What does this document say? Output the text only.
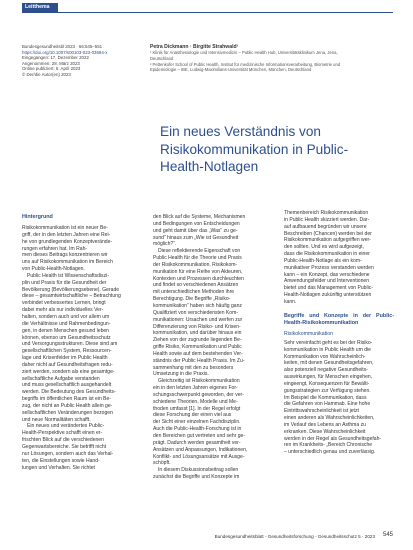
Leitthema
Bundesgesundheitsbl 2023 · 66:545–551
https://doi.org/10.1007/s00103-023-03694-x
Eingegangen: 17. Dezember 2022
Angenommen: 28. März 2023
Online publiziert: 6. April 2023
© Der/die Autor(en) 2023
Petra Dickmann · Birgitte Strahwald¹
¹ Klinik für Anästhesiologie und Intensivmedizin – Public Health Hub, Universitätsklinikum Jena, Jena,
Deutschland
² Pettenkofer School of Public Health, Institut für medizinische Informationsverarbeitung, Biometrie und
Epidemiologie – IBE, Ludwig-Maximilians-Universität München, München, Deutschland
Ein neues Verständnis von Risikokommunikation in Public-Health-Notlagen
Hintergrund
Risikokommunikation ist ein neuer Be-
griff, der in den letzten Jahren eine Rei-
he von grundlegenden Konzeptverände-
rungen erfahren hat. Im Rah-
men dieses Beitrags konzentrieren wir
uns auf Risikokommunikation im Bereich
von Public-Health-Notlagen.
Public Health ist Wissenschaftsdiszi-
plin und Praxis für die Gesundheit der
Bevölkerung (Bevölkerungsebene). Gerade
diese – gesamtwirtschaftliche – Betrachtung
verbindet verbessertes Lernen, bringt
dabei mehr als nur individuelles Ver-
halten, sondern auch und vor allem um
die Verhältnisse und Rahmenbedingun-
gen, in denen Menschen gesund leben
können, ebenso um Gesundheitsschutz
und Versorgungsstrukturen. Diese sind am
gesellschaftlichen System, Ressourcen-
lage und Krisenfelder im Public Health
daher nicht auf Gesundheitsfragen redu-
ziert werden, sondern als eine gesamtge-
sellschaftliche Aufgabe verstanden
und muss gesellschaftlich ausgehandelt
werden. Die Bedeutung des Gesundheits-
begriffs im öffentlichen Raum ist ein Be-
zug, der nicht an Public Health allein ge-
sellschaftlichen Veränderungen bezogen
und neue Normalitäten schafft.
Ein neues und verändertes Public-
Health-Perspektive schafft einen er-
frischten Blick auf die verschiedenen
Gegenwartsbereiche. Sie betrifft nicht
nur Lösungen, sondern auch das Verhal-
ten, die Einstellungen sowie Hand-
lungen und Verhalten. Sie richtet
den Blick auf die Systeme, Mechanismen
und Bedingungen von Entscheidungen
und geht damit über das „Was“ zu ge-
sund“ hinaus zum „Wie ist Gesundheit
möglich?“.
Diese reflektierende Eigenschaft von
Public Health für die Theorie und Praxis
der Risikokommunikation. Risikokom-
munikation für eine Reihe von Akteuren,
Kontexten und Prozessen durchleuchten
und findet so verschiedenen Ansätzen
mit unterschiedlichen Methoden ihre
Berechtigung. Die Begriffe „Risiko-
kommunikation“ haben sich häufig ganz
Qualifiziert von verschiedensten Kom-
munikationen: Ursachen und werfen zur
Differenzierung von Risiko- und Krisen-
kommunikation, und darüber hinaus ein
Ziehen von der zugrunde liegenden Be-
griffe Risiko, Kommunikation und Public
Health sowie auf dem bestehenden Ver-
ständnis der Public Health Praxis. Im Zu-
sammenhang mit den zu besonders
Umsetzung in die Praxis.
Gleichzeitig ist Risikokommunikation
ein in den letzten Jahren eigenes For-
schungsschwerpunkt geworden, der ver-
schiedene Theorien, Modelle und Me-
thoden umfasst [1]. In der Regel erfolgt
diese Forschung der einen viel aus
der Sicht einer einzelnen Fachdisziplin.
Auch die Public-Health-Forschung ist in
den Bereichen gut vertreten und sehr ge-
prägt. Dadurch werden gesamtheit ver-
Ansätzen und Anpassungen, Indikationen,
Konflikt- und Lösungsansätze mit Ausge-
schöpft.
In diesem Diskussionsbeitrag sollen
zunächst die Begriffe und Konzepte im
Themenbereich Risikokommunikation
in Public Health skizziert werden. Dar-
auf aufbauend begründen wir unsere
Beschreiben (Chancen) werden bei der
Risikokommunikation aufgegriffen wer-
den sollten. Und es wird aufgezeigt,
dass die Risikokommunikation in einer
Public-Health-Notlage als ein kom-
munikativer Prozess verstanden werden
kann – ein Konzept, das verschiedene
Anwendungsfelder und Interventionen
bietet und das Management von Public-
Health-Notlagen zukünftig unterstützen
kann.
Begriffe und Konzepte in der Public-Health-Risikokommunikation
Risikokommunikation
Sehr vereinfacht geht es bei der Risiko-
kommunikation in Public Health um die
Kommunikation von Wahrscheinlich-
keiten, mit denen Gesundheitsgefahren,
also potenziell negative Gesundheits-
auswirkungen, für Menschen eingehen,
eingeengt, Konsequenzen für Bewälti-
gungsstrategien zur Verfügung stehen.
Im Beispiel die Kommunikation, dass
die Gefahren von Hammab. Eine hohe
Eintrittswahrscheinlichkeit ist jetzt
einen anderen als Wahrscheinlichkeiten,
im Verlauf des Lebens an Asthma zu
erkranken. Diese Wahrscheinlichkeit
werden in der Regel als Gesundheitsgefah-
ren im Krankheits- „Bereich Chronische
– unterschiedlich genau und zuverlässig.
Bundesgesundheitsblatt - Gesundheitsforschung - Gesundheitsschutz 5 · 2023 545
